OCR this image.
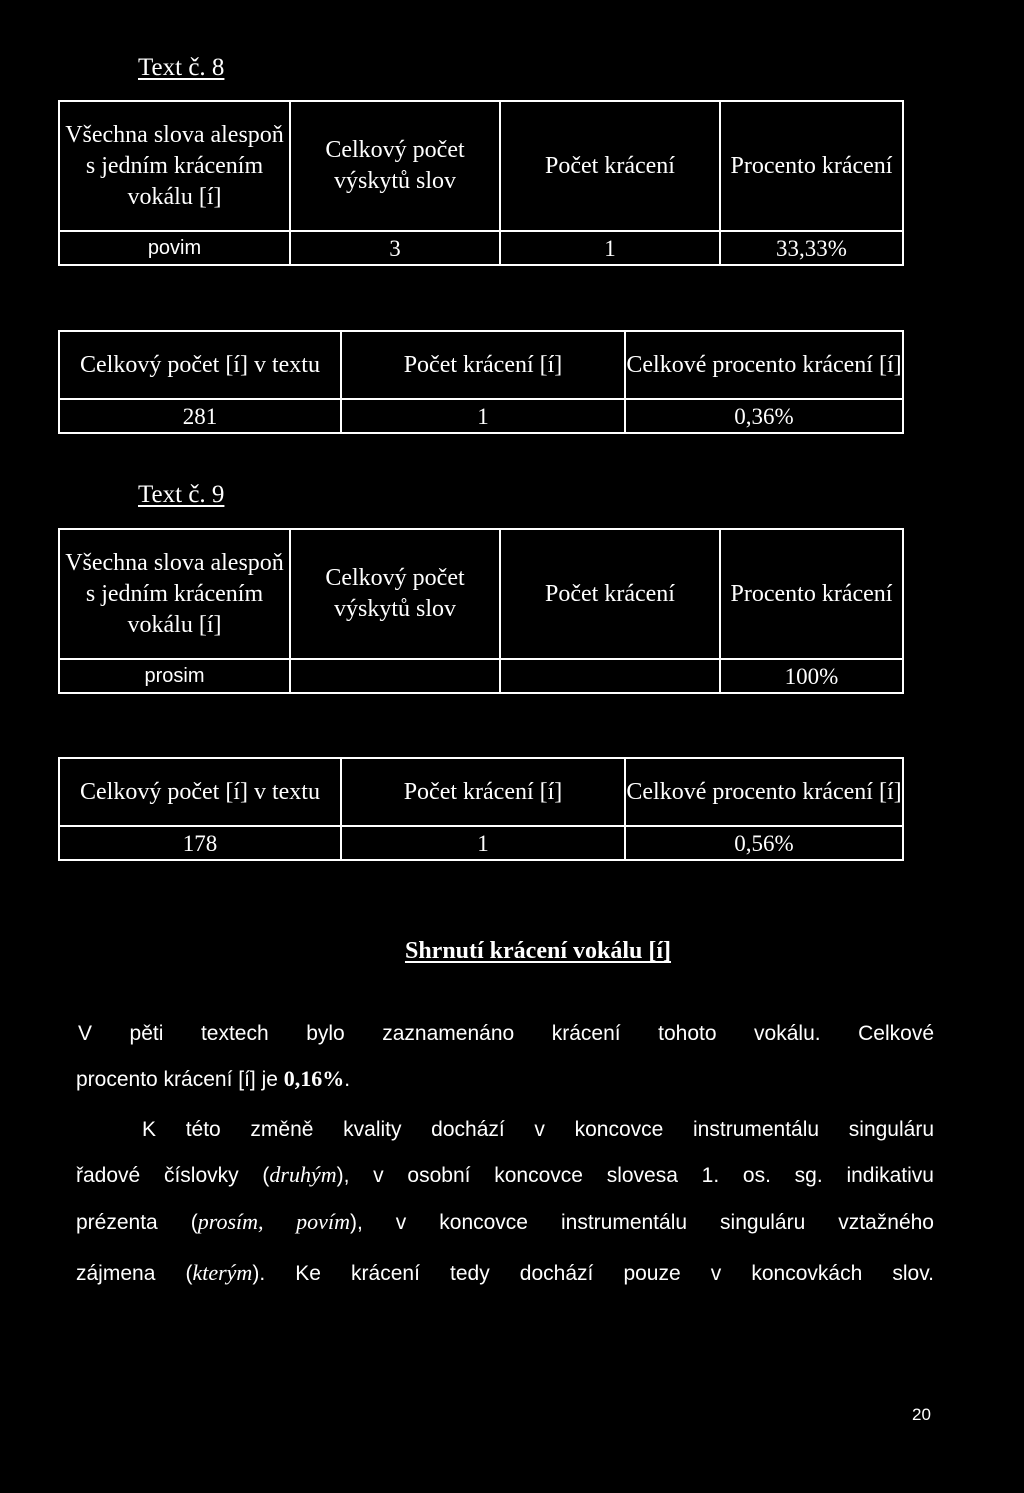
Text č. 8
Všechna slova alespoň s jedním krácením vokálu [í]	Celkový počet výskytů slov	Počet krácení	Procento krácení
povim	3	1	33,33%
Celkový počet [í] v textu	Počet krácení [í]	Celkové procento krácení [í]
281	1	0,36%
Text č. 9
Všechna slova alespoň s jedním krácením vokálu [í]	Celkový počet výskytů slov	Počet krácení	Procento krácení
prosim			100%
Celkový počet [í] v textu	Počet krácení [í]	Celkové procento krácení [í]
178	1	0,56%
Shrnutí krácení vokálu [í]
V pěti textech bylo zaznamenáno krácení tohoto vokálu. Celkové
procento krácení [í] je 0,16%.
K této změně kvality dochází v koncovce instrumentálu singuláru
řadové číslovky (druhým), v osobní koncovce slovesa 1. os. sg. indikativu
prézenta (prosím, povím), v koncovce instrumentálu singuláru vztažného
zájmena (kterým). Ke krácení tedy dochází pouze v koncovkách slov.
20
